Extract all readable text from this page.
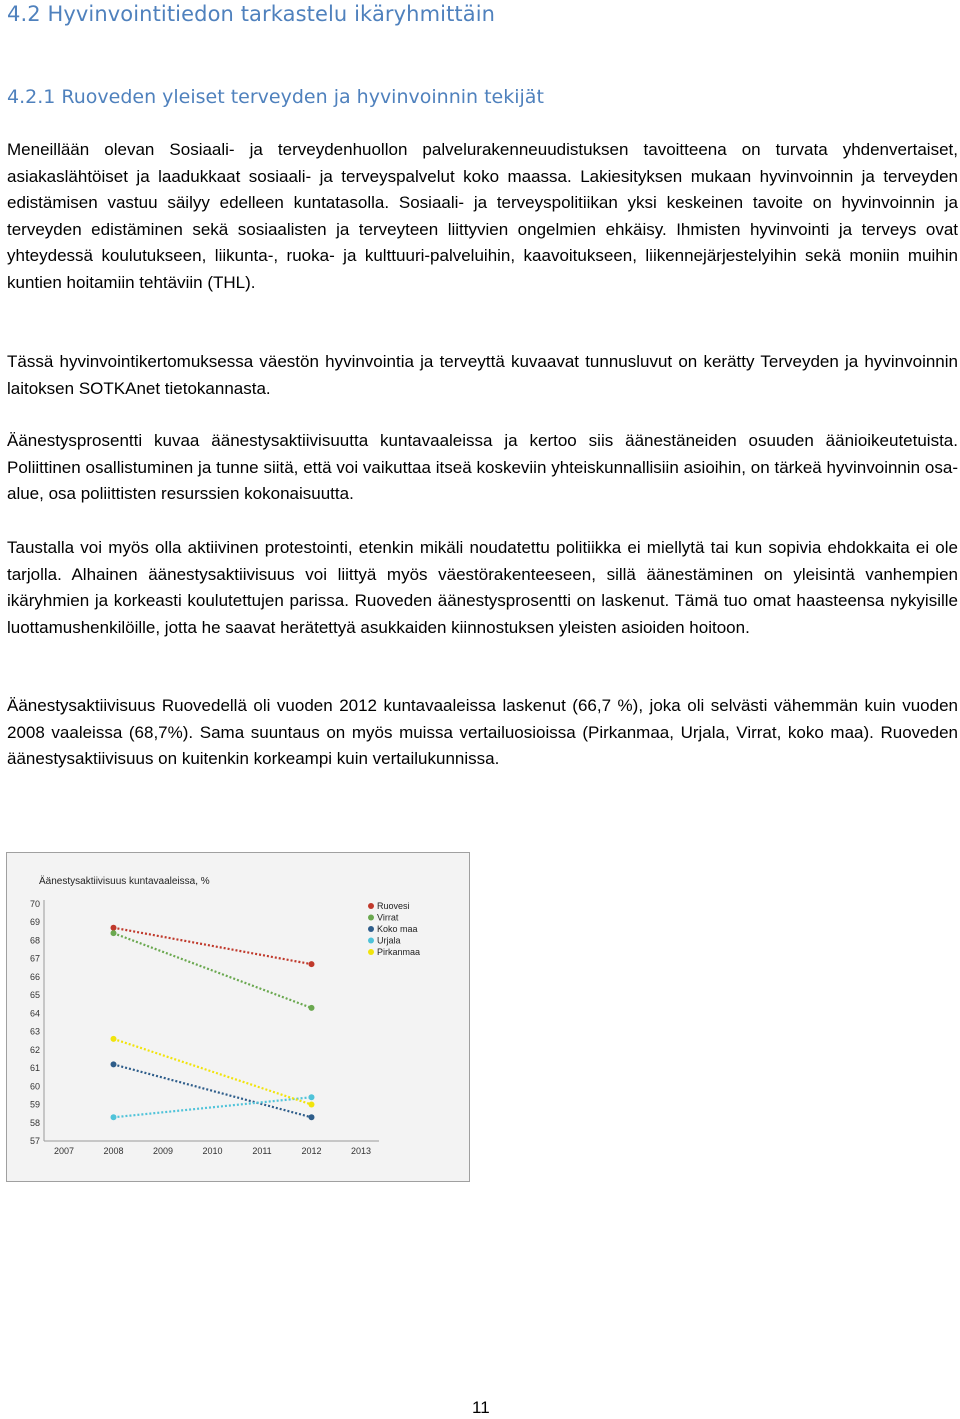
4.2 Hyvinvointitiedon tarkastelu ikäryhmittäin
4.2.1 Ruoveden yleiset terveyden ja hyvinvoinnin tekijät

Meneillään olevan Sosiaali- ja terveydenhuollon palvelurakenneuudistuksen tavoitteena on turvata yhdenvertaiset, asiakaslähtöiset ja laadukkaat sosiaali- ja terveyspalvelut koko maassa. Lakiesityksen mukaan hyvinvoinnin ja terveyden edistämisen vastuu säilyy edelleen kuntatasolla. Sosiaali- ja terveyspolitiikan yksi keskeinen tavoite on hyvinvoinnin ja terveyden edistäminen sekä sosiaalisten ja terveyteen liittyvien ongelmien ehkäisy. Ihmisten hyvinvointi ja terveys ovat yhteydessä koulutukseen, liikunta-, ruoka- ja kulttuuri-palveluihin, kaavoitukseen, liikennejärjestelyihin sekä moniin muihin kuntien hoitamiin tehtäviin (THL).

Tässä hyvinvointikertomuksessa väestön hyvinvointia ja terveyttä kuvaavat tunnusluvut on kerätty Terveyden ja hyvinvoinnin laitoksen SOTKAnet tietokannasta.

Äänestysprosentti kuvaa äänestysaktiivisuutta kuntavaaleissa ja kertoo siis äänestäneiden osuuden äänioikeutetuista. Poliittinen osallistuminen ja tunne siitä, että voi vaikuttaa itseä koskeviin yhteiskunnallisiin asioihin, on tärkeä hyvinvoinnin osa-alue, osa poliittisten resurssien kokonaisuutta.

Taustalla voi myös olla aktiivinen protestointi, etenkin mikäli noudatettu politiikka ei miellytä tai kun sopivia ehdokkaita ei ole tarjolla. Alhainen äänestysaktiivisuus voi liittyä myös väestörakenteeseen, sillä äänestäminen on yleisintä vanhempien ikäryhmien ja korkeasti koulutettujen parissa. Ruoveden äänestysprosentti on laskenut. Tämä tuo omat haasteensa nykyisille luottamushenkilöille, jotta he saavat herätettyä asukkaiden kiinnostuksen yleisten asioiden hoitoon.

Äänestysaktiivisuus Ruovedellä oli vuoden 2012 kuntavaaleissa laskenut (66,7 %), joka oli selvästi vähemmän kuin vuoden 2008 vaaleissa (68,7%). Sama suuntaus on myös muissa vertailuosioissa (Pirkanmaa, Urjala, Virrat, koko maa). Ruoveden äänestysaktiivisuus on kuitenkin korkeampi kuin vertailukunnissa.

Äänestysaktiivisuus kuntavaaleissa, %
70
69
68
67
66
65
64
63
62
61
60
59
58
57
2007	2008	2009	2010	2011	2012	2013
Ruovesi
Virrat
Koko maa
Urjala
Pirkanmaa
11
